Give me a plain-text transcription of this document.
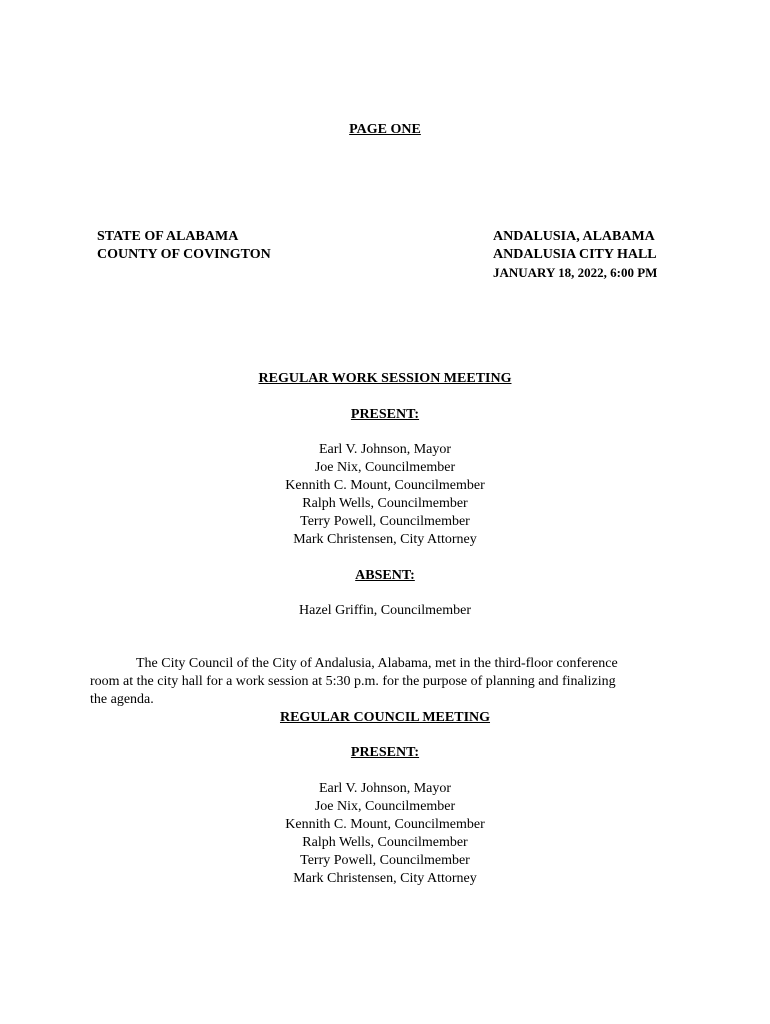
PAGE ONE
STATE OF ALABAMA
COUNTY OF COVINGTON
ANDALUSIA, ALABAMA
ANDALUSIA CITY HALL
JANUARY 18, 2022, 6:00 PM
REGULAR WORK SESSION MEETING
PRESENT:
Earl V. Johnson, Mayor
Joe Nix, Councilmember
Kennith C. Mount, Councilmember
Ralph Wells, Councilmember
Terry Powell, Councilmember
Mark Christensen, City Attorney
ABSENT:
Hazel Griffin, Councilmember
The City Council of the City of Andalusia, Alabama, met in the third-floor conference
room at the city hall for a work session at 5:30 p.m. for the purpose of planning and finalizing
the agenda.
REGULAR COUNCIL MEETING
PRESENT:
Earl V. Johnson, Mayor
Joe Nix, Councilmember
Kennith C. Mount, Councilmember
Ralph Wells, Councilmember
Terry Powell, Councilmember
Mark Christensen, City Attorney
